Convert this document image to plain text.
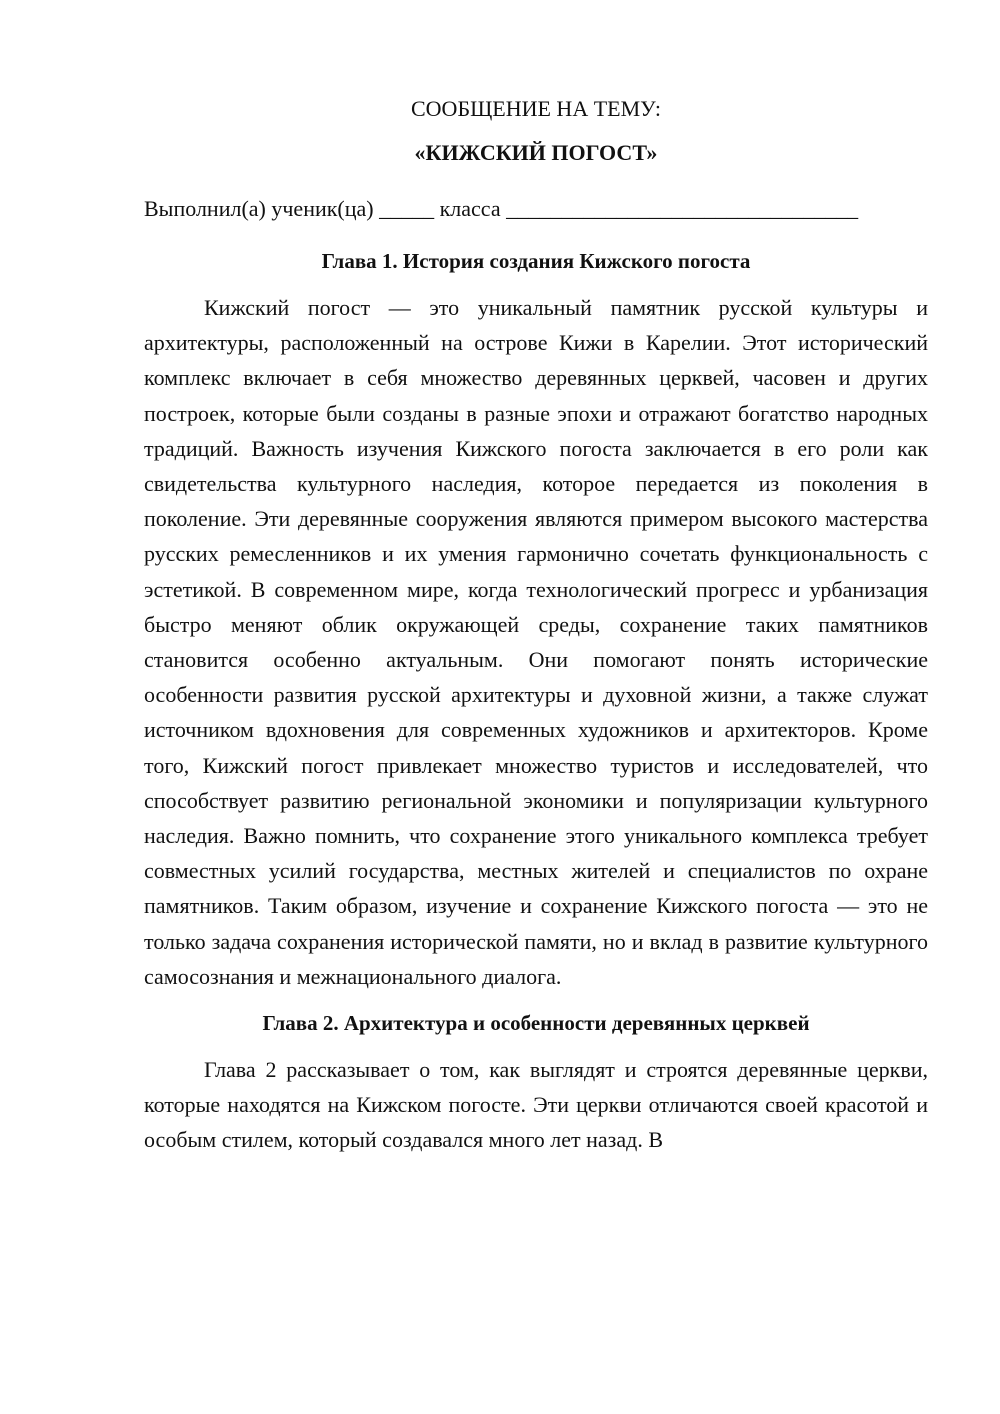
СООБЩЕНИЕ НА ТЕМУ:

«КИЖСКИЙ ПОГОСТ»

Выполнил(а) ученик(ца) _____ класса ________________________________
Глава 1. История создания Кижского погоста

Кижский погост — это уникальный памятник русской культуры и архитектуры, расположенный на острове Кижи в Карелии. Этот исторический комплекс включает в себя множество деревянных церквей, часовен и других построек, которые были созданы в разные эпохи и отражают богатство народных традиций. Важность изучения Кижского погоста заключается в его роли как свидетельства культурного наследия, которое передается из поколения в поколение. Эти деревянные сооружения являются примером высокого мастерства русских ремесленников и их умения гармонично сочетать функциональность с эстетикой. В современном мире, когда технологический прогресс и урбанизация быстро меняют облик окружающей среды, сохранение таких памятников становится особенно актуальным. Они помогают понять исторические особенности развития русской архитектуры и духовной жизни, а также служат источником вдохновения для современных художников и архитекторов. Кроме того, Кижский погост привлекает множество туристов и исследователей, что способствует развитию региональной экономики и популяризации культурного наследия. Важно помнить, что сохранение этого уникального комплекса требует совместных усилий государства, местных жителей и специалистов по охране памятников. Таким образом, изучение и сохранение Кижского погоста — это не только задача сохранения исторической памяти, но и вклад в развитие культурного самосознания и межнационального диалога.

Глава 2. Архитектура и особенности деревянных церквей

Глава 2 рассказывает о том, как выглядят и строятся деревянные церкви, которые находятся на Кижском погосте. Эти церкви отличаются своей красотой и особым стилем, который создавался много лет назад. В
